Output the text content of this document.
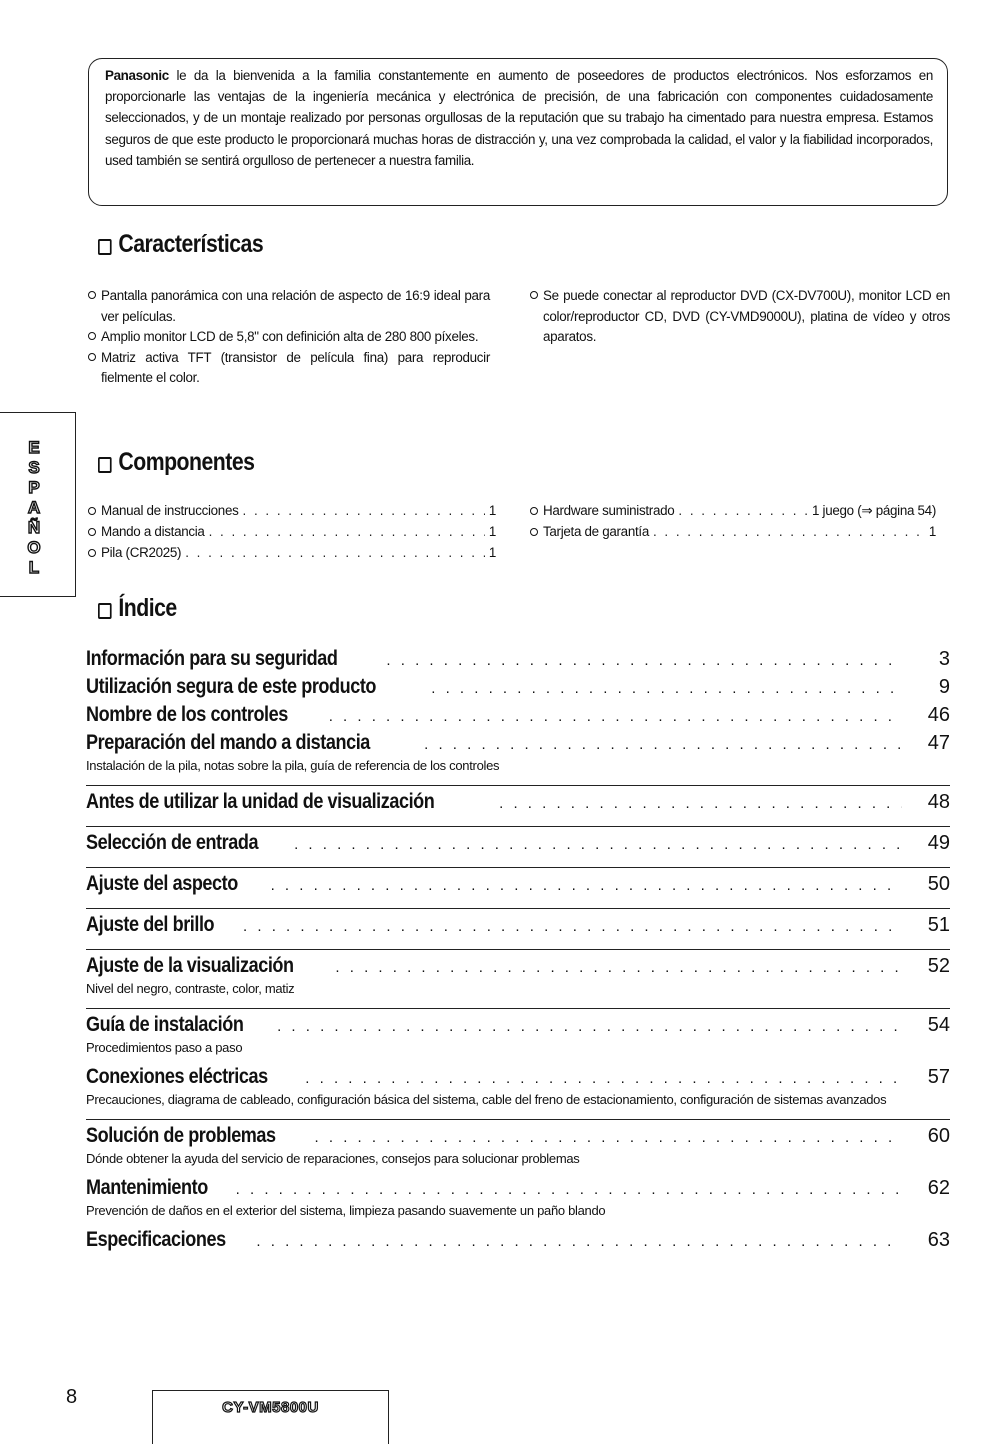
Panasonic le da la bienvenida a la familia constantemente en aumento de poseedores de productos electrónicos. Nos esforzamos en proporcionarle las ventajas de la ingeniería mecánica y electrónica de precisión, de una fabricación con componentes cuidadosamente seleccionados, y de un montaje realizado por personas orgullosas de la reputación que su trabajo ha cimentado para nuestra empresa. Estamos seguros de que este producto le proporcionará muchas horas de distracción y, una vez comprobada la calidad, el valor y la fiabilidad incorporados, used también se sentirá orgulloso de pertenecer a nuestra familia.
Características
Pantalla panorámica con una relación de aspecto de 16:9 ideal para ver películas.
Amplio monitor LCD de 5,8" con definición alta de 280 800 píxeles.
Matriz activa TFT (transistor de película fina) para reproducir fielmente el color.
Se puede conectar al reproductor DVD (CX-DV700U), monitor LCD en color/reproductor CD, DVD (CY-VMD9000U), platina de vídeo y otros aparatos.
ESPAÑOL
Componentes
Manual de instrucciones . . .	1
Mando a distancia . . .	1
Pila (CR2025) . . .	1
Hardware suministrado . . .	1 juego (⇒ página 54)
Tarjeta de garantía . . .	1
Índice
Información para su seguridad . . .	3
Utilización segura de este producto . . .	9
Nombre de los controles . . .	46
Preparación del mando a distancia . . .	47
Instalación de la pila, notas sobre la pila, guía de referencia de los controles
Antes de utilizar la unidad de visualización . . .	48
Selección de entrada . . .	49
Ajuste del aspecto . . .	50
Ajuste del brillo . . .	51
Ajuste de la visualización . . .	52
Nivel del negro, contraste, color, matiz
Guía de instalación . . .	54
Procedimientos paso a paso
Conexiones eléctricas . . .	57
Precauciones, diagrama de cableado, configuración básica del sistema, cable del freno de estacionamiento, configuración de sistemas avanzados
Solución de problemas . . .	60
Dónde obtener la ayuda del servicio de reparaciones, consejos para solucionar problemas
Mantenimiento . . .	62
Prevención de daños en el exterior del sistema, limpieza pasando suavemente un paño blando
Especificaciones . . .	63
8	CY-VM5800U
